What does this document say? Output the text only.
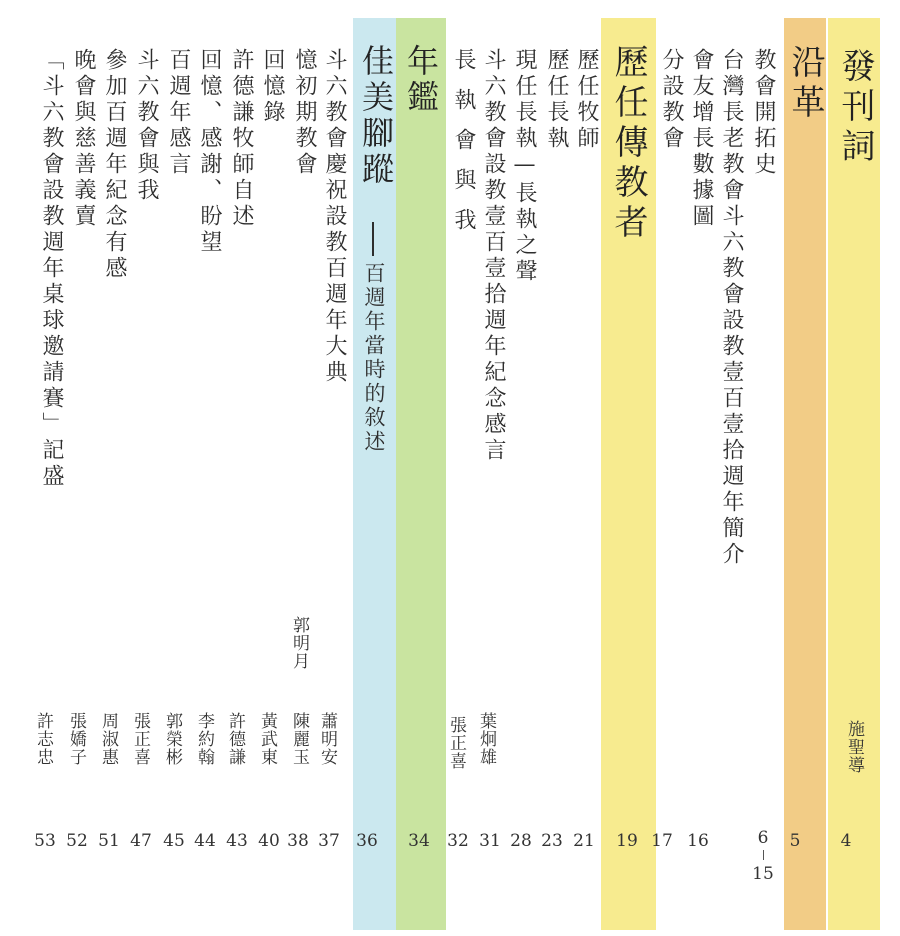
發刊詞
施聖導
4
沿革
5
教會開拓史
6
15
台灣長老教會斗六教會設教壹百壹拾週年簡介
會友增長數據圖
16
分設教會
17
歷任傳教者
19
歷任牧師
21
歷任長執
23
現任長執—長執之聲
28
斗六教會設教壹百壹拾週年紀念感言
葉炯雄
31
長執會與我
張正喜
32
年鑑
34
佳美腳蹤
百週年當時的敘述
36
斗六教會慶祝設教百週年大典
蕭明安
37
憶初期教會
郭明月
陳麗玉
38
回憶錄
黃武東
40
許德謙牧師自述
許德謙
43
回憶、感謝、盼望
李約翰
44
百週年感言
郭榮彬
45
斗六教會與我
張正喜
47
參加百週年紀念有感
周淑惠
51
晚會與慈善義賣
張嬌子
52
「斗六教會設教週年桌球邀請賽」記盛
許志忠
53
